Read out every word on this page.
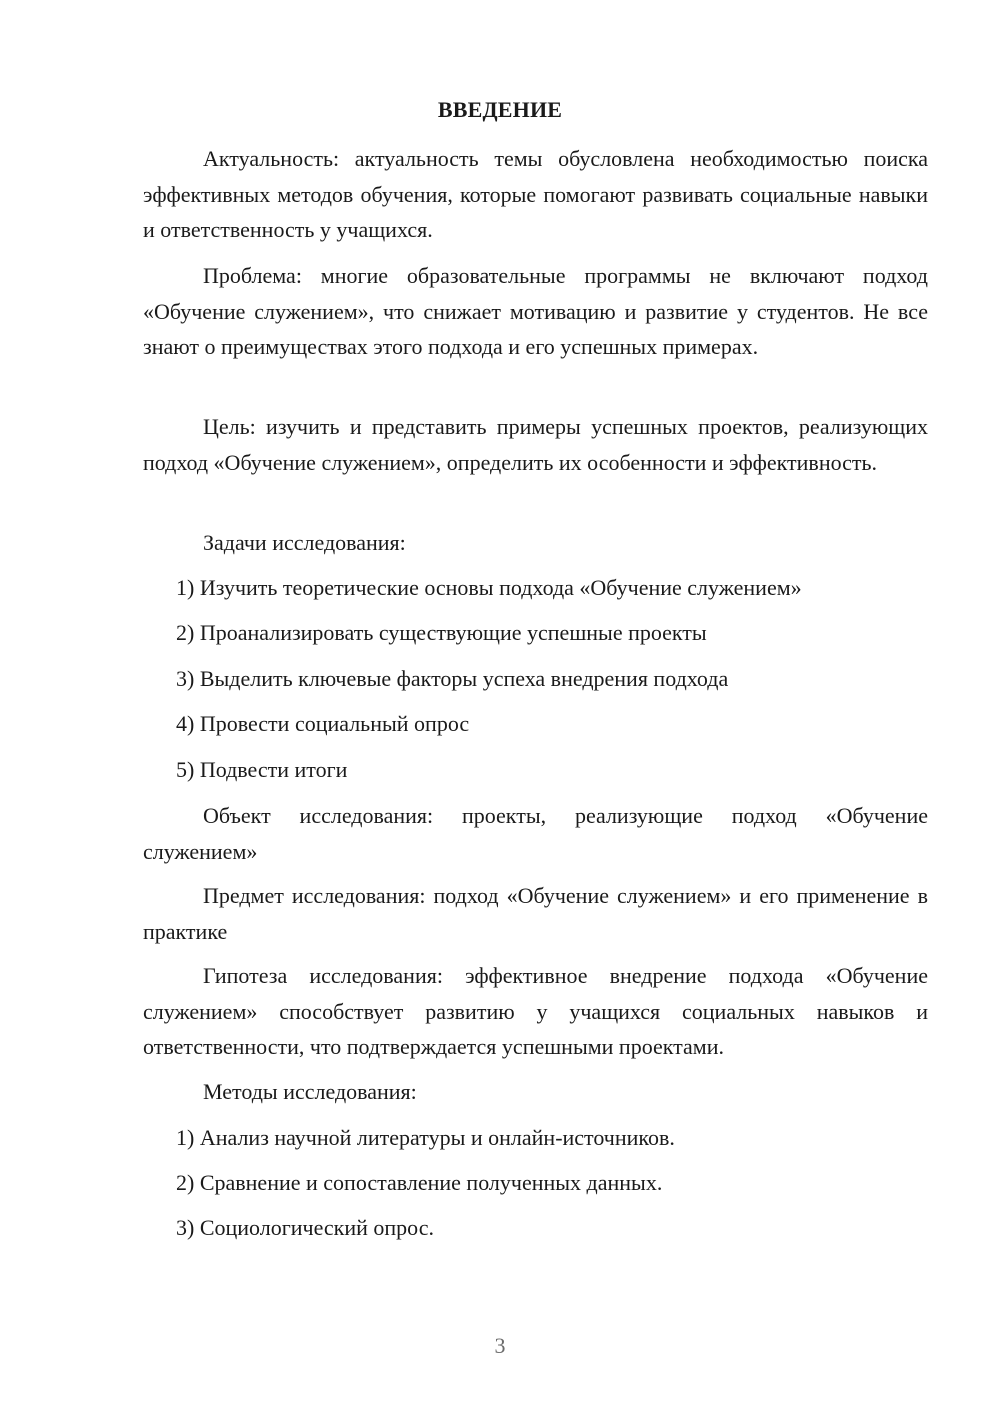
ВВЕДЕНИЕ

Актуальность: актуальность темы обусловлена необходимостью поиска эффективных методов обучения, которые помогают развивать социальные навыки и ответственность у учащихся.

Проблема: многие образовательные программы не включают подход «Обучение служением», что снижает мотивацию и развитие у студентов. Не все знают о преимуществах этого подхода и его успешных примерах.

Цель: изучить и представить примеры успешных проектов, реализующих подход «Обучение служением», определить их особенности и эффективность.

Задачи исследования:

1) Изучить теоретические основы подхода «Обучение служением»

2) Проанализировать существующие успешные проекты

3) Выделить ключевые факторы успеха внедрения подхода

4) Провести социальный опрос

5) Подвести итоги

Объект исследования: проекты, реализующие подход «Обучение служением»

Предмет исследования: подход «Обучение служением» и его применение в практике

Гипотеза исследования: эффективное внедрение подхода «Обучение служением» способствует развитию у учащихся социальных навыков и ответственности, что подтверждается успешными проектами.

Методы исследования:

1) Анализ научной литературы и онлайн-источников.

2) Сравнение и сопоставление полученных данных.

3) Социологический опрос.

3
